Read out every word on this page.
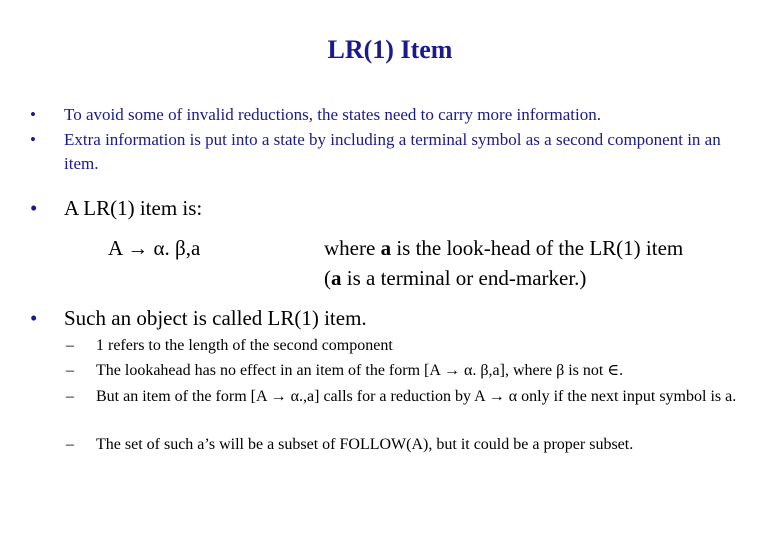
LR(1) Item
•	To avoid some of invalid reductions, the states need to carry more information.
•	Extra information is put into a state by including a terminal symbol as a second component in an item.
•	A LR(1) item is:
A → α. β,a	where a is the look-head of the LR(1) item
(a is a terminal or end-marker.)
•	Such an object is called LR(1) item.
–	1 refers to the length of the second component
–	The lookahead has no effect in an item of the form [A → α. β,a], where β is not ∈.
–	But an item of the form [A → α.,a] calls for a reduction by A → α only if the next input symbol is a.
–	The set of such a’s will be a subset of FOLLOW(A), but it could be a proper subset.
